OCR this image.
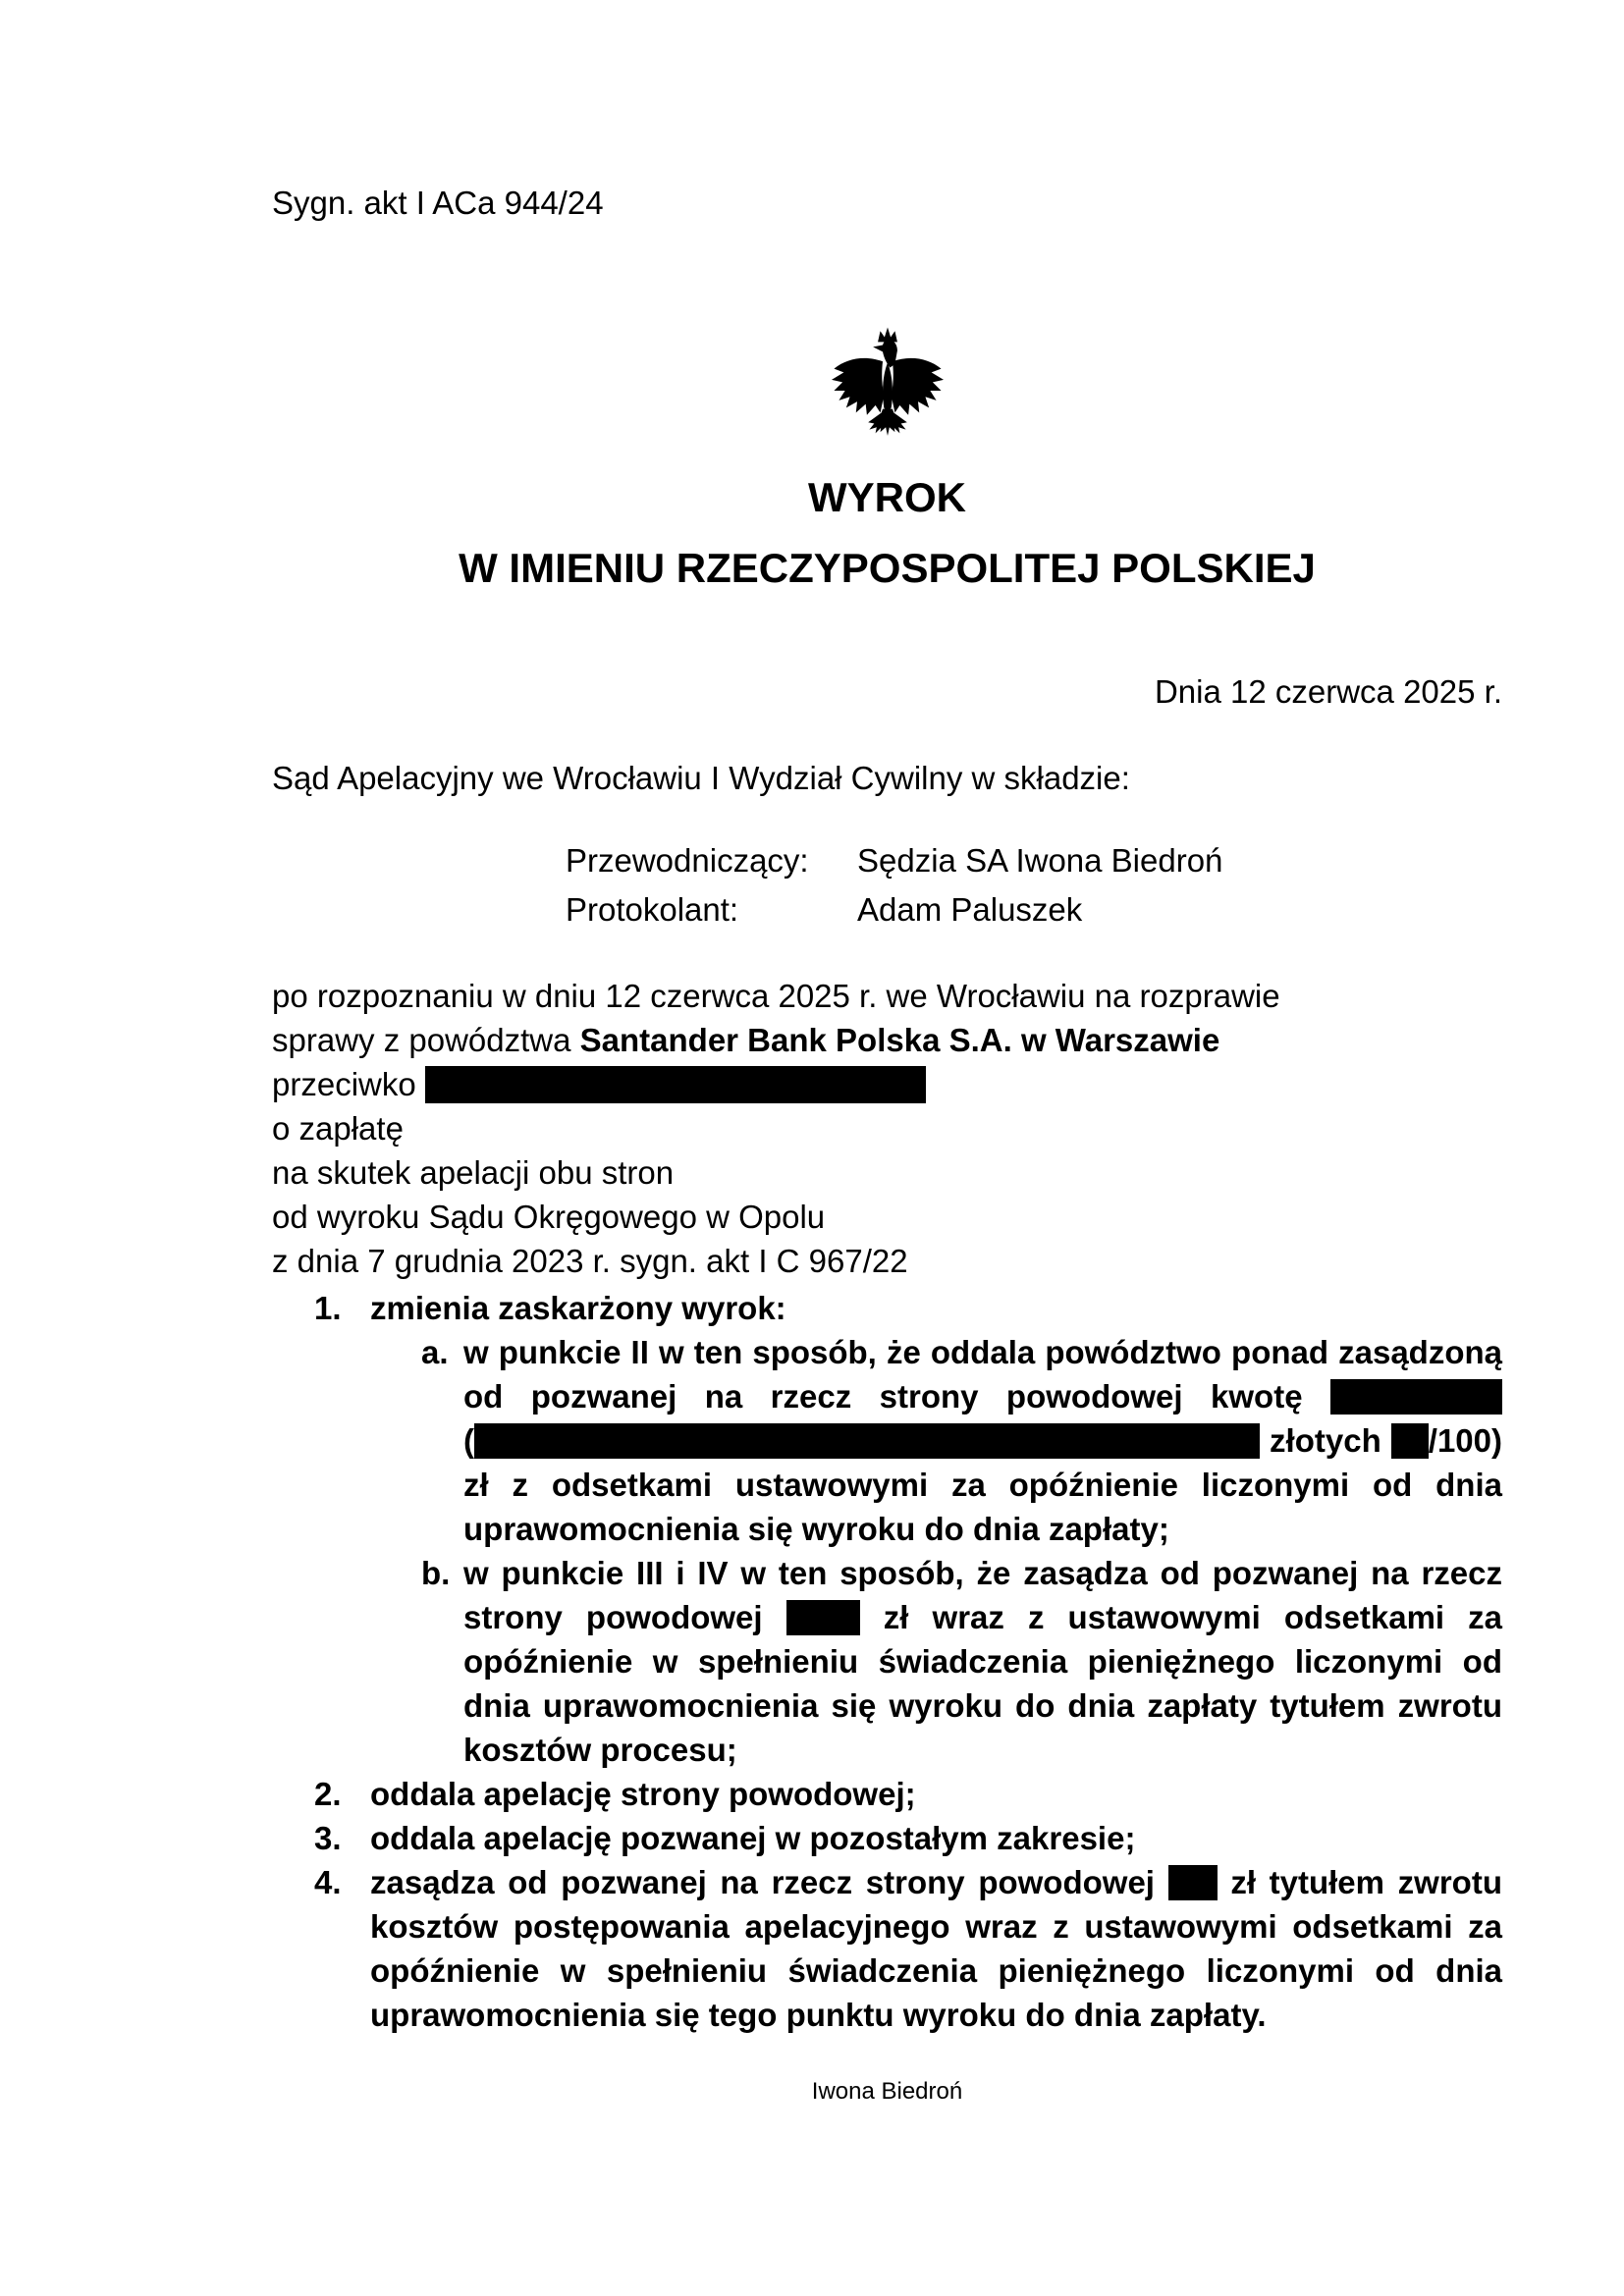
Sygn. akt I ACa 944/24
WYROK
W IMIENIU RZECZYPOSPOLITEJ POLSKIEJ
Dnia 12 czerwca 2025 r.
Sąd Apelacyjny we Wrocławiu I Wydział Cywilny w składzie:
Przewodniczący:	Sędzia SA Iwona Biedroń
Protokolant:	Adam Paluszek
po rozpoznaniu w dniu 12 czerwca 2025 r. we Wrocławiu na rozprawie
sprawy z powództwa Santander Bank Polska S.A. w Warszawie
przeciwko
o zapłatę
na skutek apelacji obu stron
od wyroku Sądu Okręgowego w Opolu
z dnia 7 grudnia 2023 r. sygn. akt I C 967/22
1. zmienia zaskarżony wyrok:
a. w punkcie II w ten sposób, że oddala powództwo ponad zasądzoną od pozwanej na rzecz strony powodowej kwotę  (	złotych /100) zł z odsetkami ustawowymi za opóźnienie liczonymi od dnia uprawomocnienia się wyroku do dnia zapłaty;
b. w punkcie III i IV w ten sposób, że zasądza od pozwanej na rzecz strony powodowej	zł wraz z ustawowymi odsetkami za opóźnienie w spełnieniu świadczenia pieniężnego liczonymi od dnia uprawomocnienia się wyroku do dnia zapłaty tytułem zwrotu kosztów procesu;
2. oddala apelację strony powodowej;
3. oddala apelację pozwanej w pozostałym zakresie;
4. zasądza od pozwanej na rzecz strony powodowej zł tytułem zwrotu kosztów postępowania apelacyjnego wraz z ustawowymi odsetkami za opóźnienie w spełnieniu świadczenia pieniężnego liczonymi od dnia uprawomocnienia się tego punktu wyroku do dnia zapłaty.
Iwona Biedroń
